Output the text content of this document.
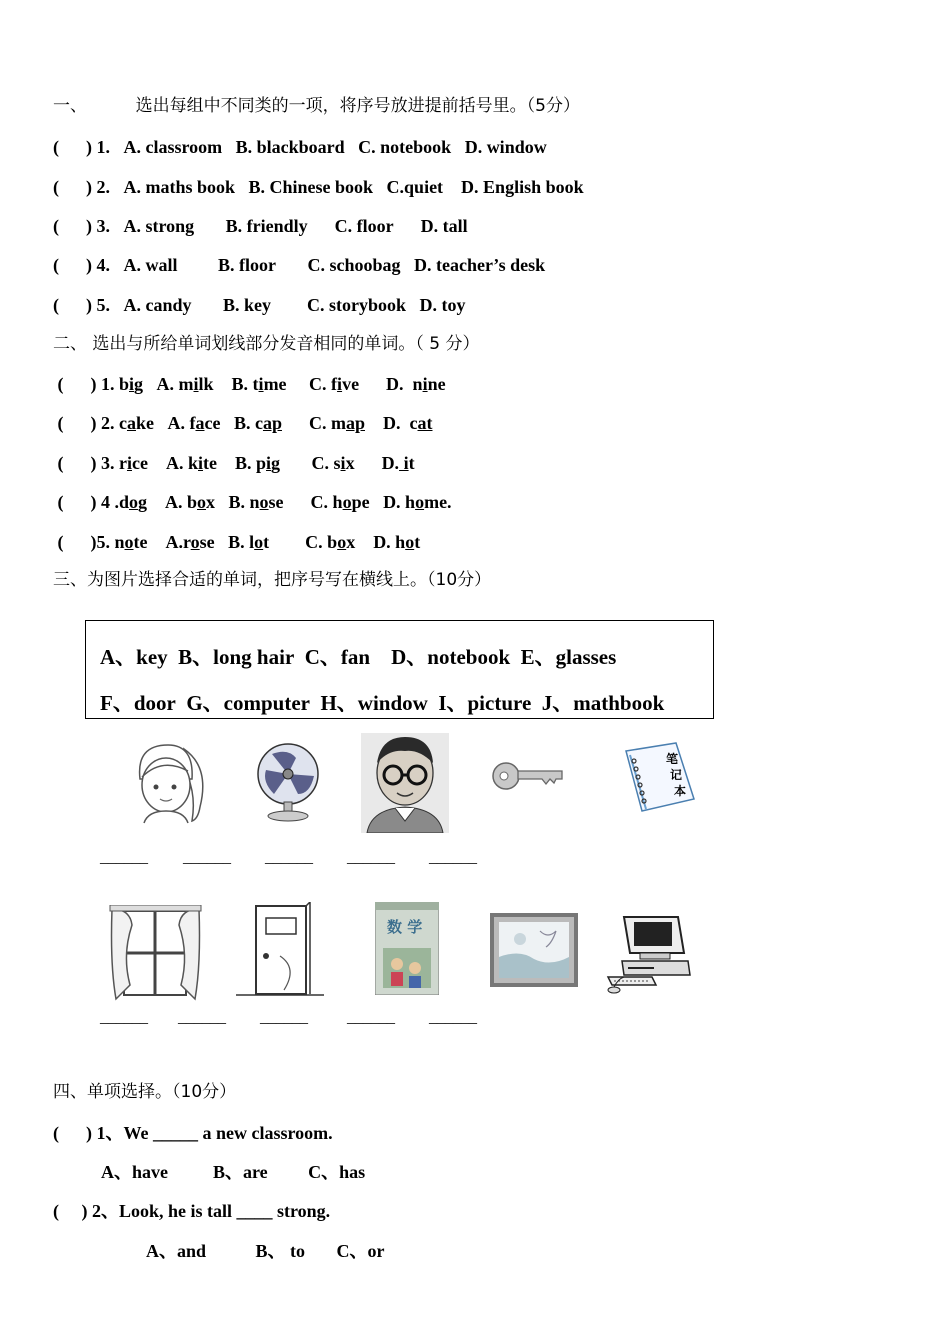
一、         选出每组中不同类的一项，将序号放进提前括号里。（5分）
(      ) 1.   A. classroom   B. blackboard   C. notebook   D. window
(      ) 2.   A. maths book   B. Chinese book   C.quiet    D. English book
(      ) 3.   A. strong       B. friendly      C. floor      D. tall
(      ) 4.   A. wall         B. floor       C. schoobag   D. teacher’s desk
(      ) 5.   A. candy       B. key        C. storybook   D. toy
二、 选出与所给单词划线部分发音相同的单词。（ 5 分）
(      ) 1. big   A. milk    B. time     C. five      D.  nine
(      ) 2. cake   A. face   B. cap      C. map    D.  cat
(      ) 3. rice    A. kite    B. pig       C. six      D. it
(      ) 4 .dog    A. box   B. nose      C. hope   D. home.
(      )5. note    A.rose   B. lot        C. box    D. hot
三、为图片选择合适的单词，把序号写在横线上。（10分）
A、key  B、long hair  C、fan    D、notebook  E、glasses
F、door  G、computer  H、window  I、picture  J、mathbook
笔
记
本
______ ______ ______ ______ ______
数 学
______ ______ ______ ______ ______
四、单项选择。（10分）
(      ) 1、We _____ a new classroom.
A、have          B、are         C、has
(     ) 2、Look, he is tall ____ strong.
A、and           B、 to       C、or
